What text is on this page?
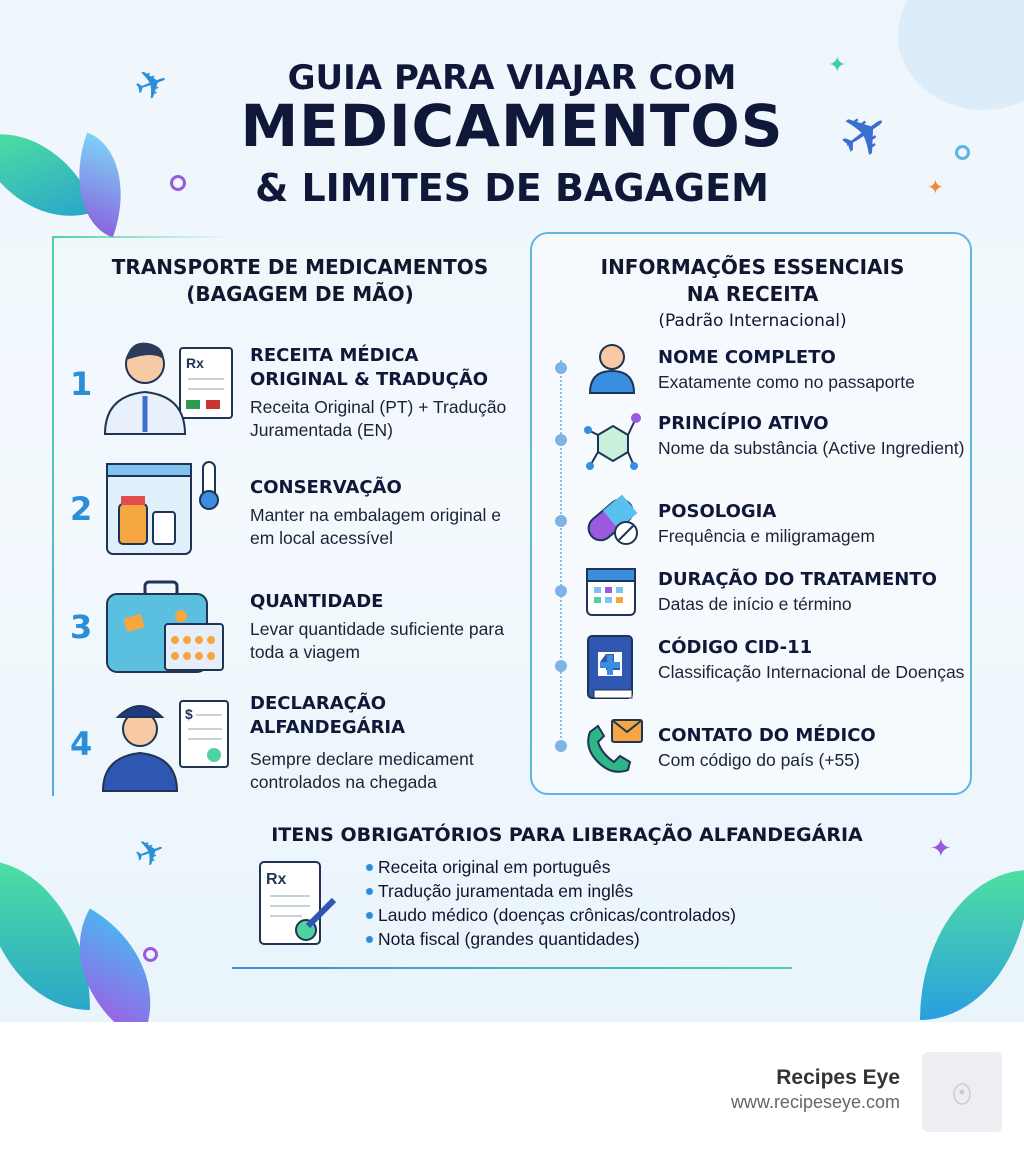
✈
✈
✈
✦
✦
✦
GUIA PARA VIAJAR COM
MEDICAMENTOS
& LIMITES DE BAGAGEM
TRANSPORTE DE MEDICAMENTOS
(BAGAGEM DE MÃO)
1
Rx	RECEITA MÉDICA ORIGINAL & TRADUÇÃO
Receita Original (PT) + Tradução Juramentada (EN)
2
CONSERVAÇÃO
Manter na embalagem original e em local acessível
3
QUANTIDADE
Levar quantidade suficiente para toda a viagem
4
$	DECLARAÇÃO ALFANDEGÁRIA
Sempre declare medicament controlados na chegada
INFORMAÇÕES ESSENCIAIS
NA RECEITA
(Padrão Internacional)
NOME COMPLETO
Exatamente como no passaporte
PRINCÍPIO ATIVO
Nome da substância (Active Ingredient)
POSOLOGIA
Frequência e miligramagem
DURAÇÃO DO TRATAMENTO
Datas de início e término
CÓDIGO CID-11
Classificação Internacional de Doenças
CONTATO DO MÉDICO
Com código do país (+55)
ITENS OBRIGATÓRIOS PARA LIBERAÇÃO ALFANDEGÁRIA
Rx
Receita original em português
Tradução juramentada em inglês
Laudo médico (doenças crônicas/controlados)
Nota fiscal (grandes quantidades)
Recipes Eye
www.recipeseye.com
